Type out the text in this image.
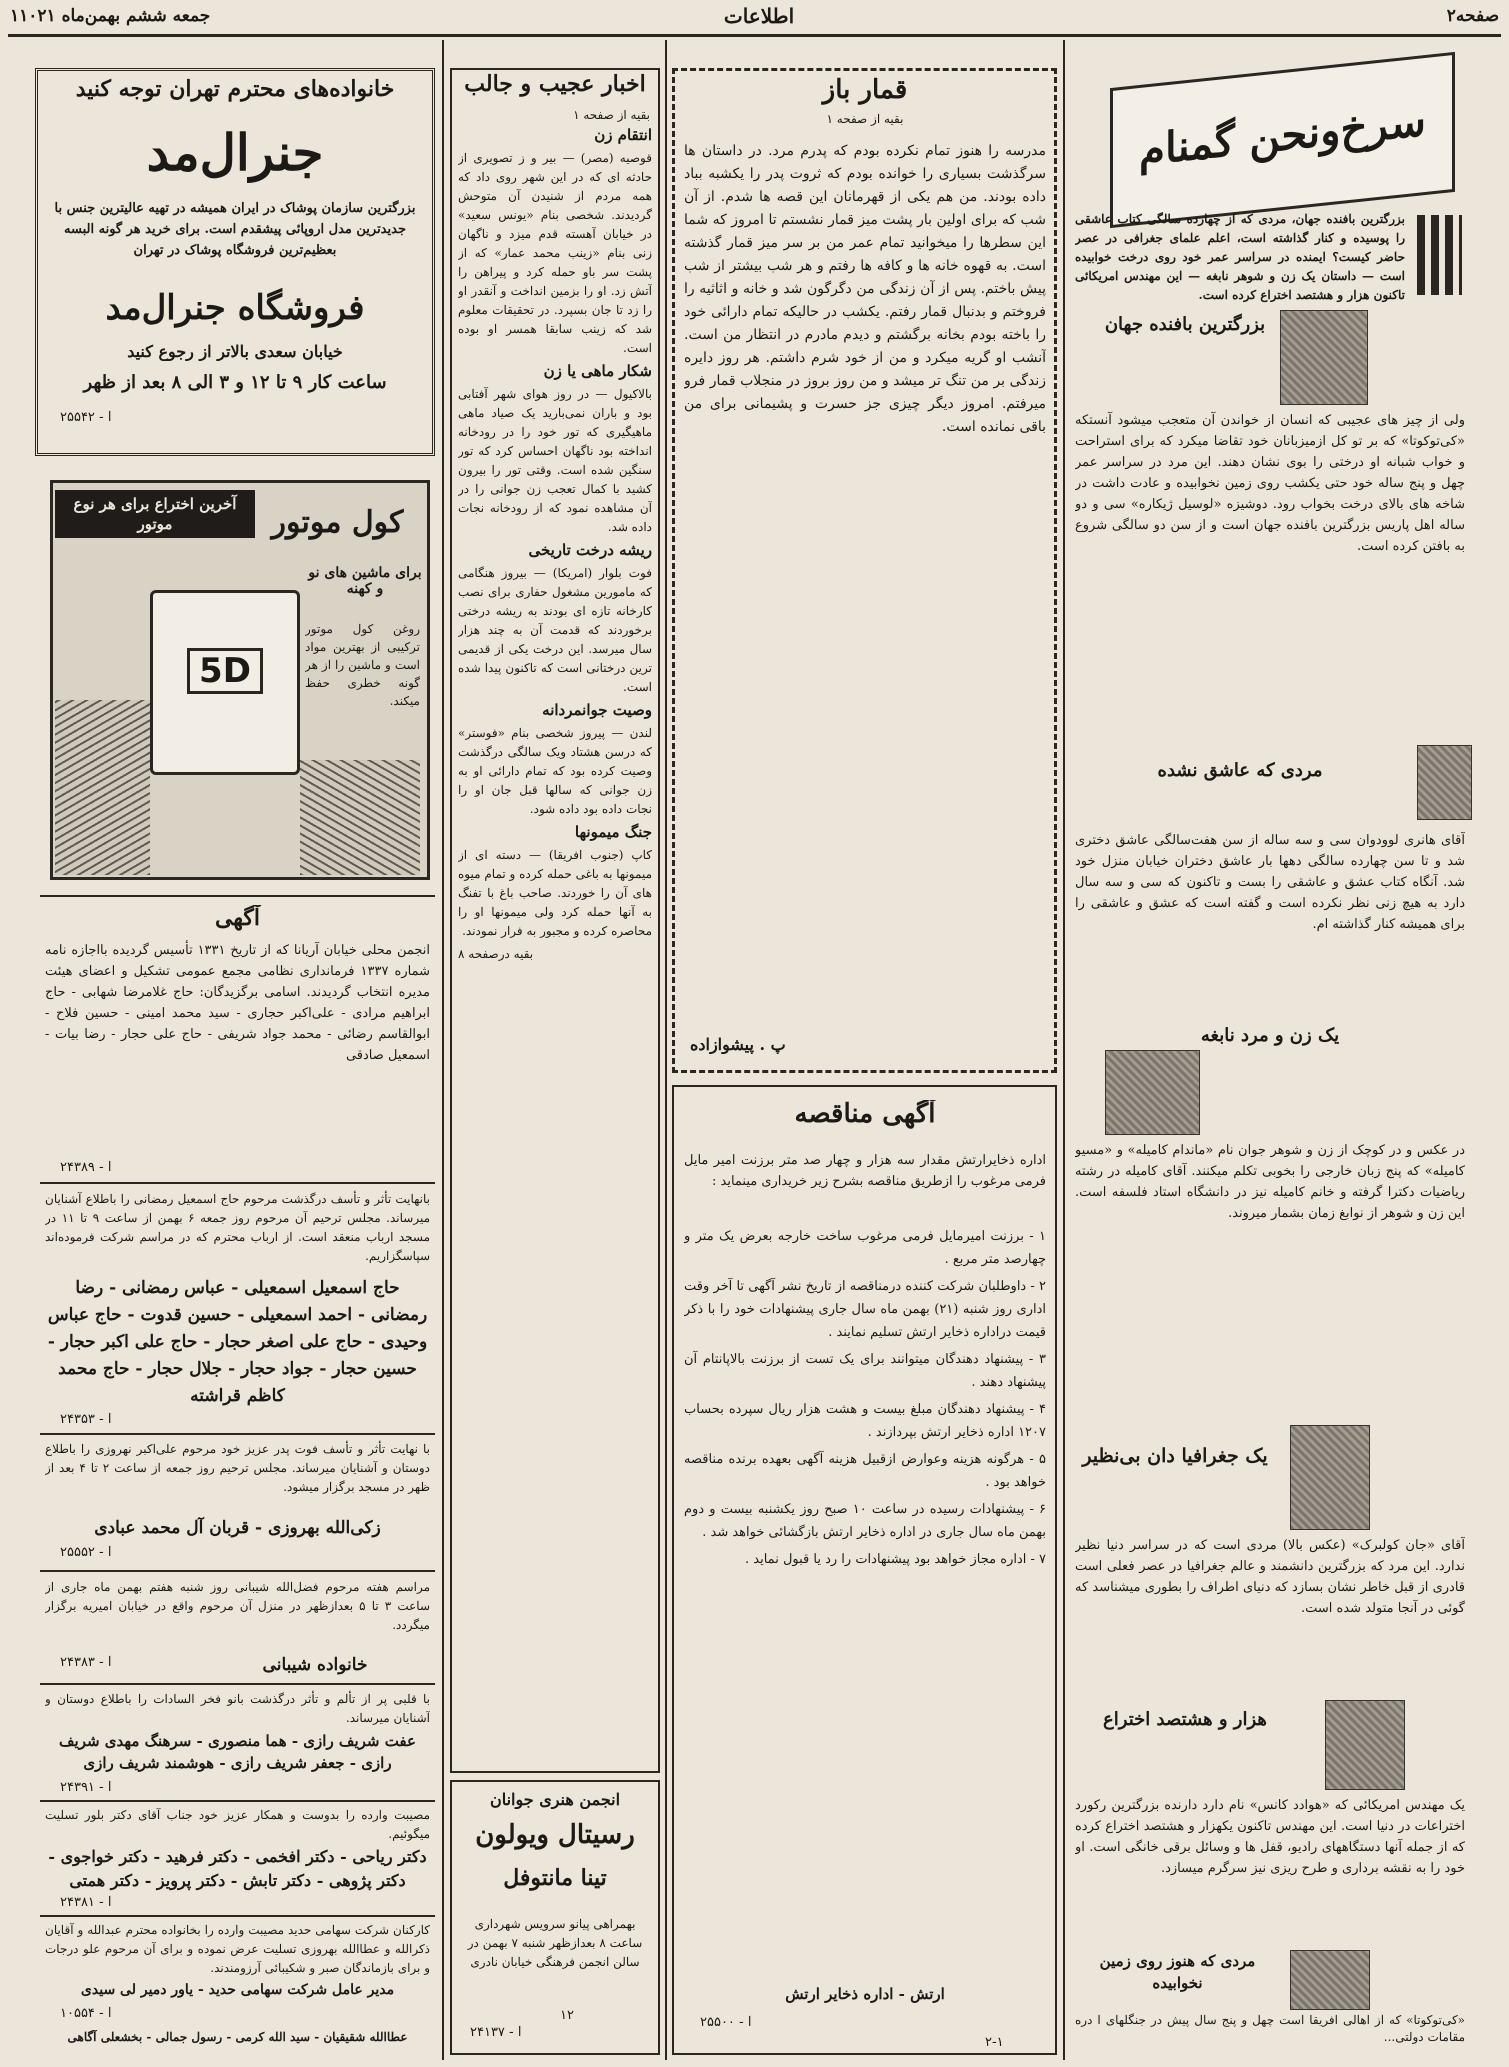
صفحه۲
اطلاعات
جمعه ششم بهمن‌ماه ۱۱۰۲۱
سرخ‌ونحن گمنام
بزرگترین بافنده جهان، مردی که از چهارده سالگی کتاب عاشقی را پوسیده و کنار گذاشته است، اعلم علمای جغرافی در عصر حاضر کیست؟ ایمنده در سراسر عمر خود روی درخت خوابیده است — داستان یک زن و شوهر نابغه — این مهندس امریکائی تاکنون هزار و هشتصد اختراع کرده است.
بزرگترین بافنده جهان
ولی از چیز های عجیبی که انسان از خواندن آن متعجب میشود آنستکه «کی‌تو‌کوتا» که بر تو کل ازمیزبانان خود تقاضا میکرد که برای استراحت و خواب شبانه او درختی را بوی نشان دهند. این مرد در سراسر عمر چهل و پنج ساله خود حتی یکشب روی زمین نخوابیده و عادت داشت در شاخه های بالای درخت بخواب رود. دوشیزه «لوسیل ژیکاره» سی و دو ساله اهل پاریس بزرگترین بافنده جهان است و از سن دو سالگی شروع به بافتن کرده است.
مردی که عاشق نشده
آقای هانری لوودوان سی و سه ساله از سن هفت‌سالگی عاشق دختری شد و تا سن چهارده سالگی دهها بار عاشق دختران خیابان منزل خود شد. آنگاه کتاب عشق و عاشقی را بست و تاکنون که سی و سه سال دارد به هیچ زنی نظر نکرده است و گفته است که عشق و عاشقی را برای همیشه کنار گذاشته ام.
یک زن و مرد نابغه
در عکس و در کوچک از زن و شوهر جوان نام «ماندام کامیله» و «مسیو کامیله» که پنج زبان خارجی را بخوبی تکلم میکنند. آقای کامیله در رشته ریاضیات دکترا گرفته و خانم کامیله نیز در دانشگاه استاد فلسفه است. این زن و شوهر از نوابغ زمان بشمار میروند.
یک جغرافیا دان بی‌نظیر
آقای «جان کولبرک» (عکس بالا) مردی است که در سراسر دنیا نظیر ندارد. این مرد که بزرگترین دانشمند و عالم جغرافیا در عصر فعلی است قادری از قبل خاطر نشان بسازد که دنیای اطراف را بطوری میشناسد که گوئی در آنجا متولد شده است.
هزار و هشتصد اختراع
یک مهندس امریکائی که «هوادد کانس» نام دارد دارنده بزرگترین رکورد اختراعات در دنیا است. این مهندس تاکنون یکهزار و هشتصد اختراع کرده که از جمله آنها دستگاههای رادیو، قفل ها و وسائل برقی خانگی است. او خود را به نقشه برداری و طرح ریزی نیز سرگرم میسازد.
مردی که هنوز روی زمین نخوابیده
«کی‌تو‌کوتا» که از اهالی افریقا است چهل و پنج سال پیش در جنگلهای ا دره مقامات دولتی...
قمار باز
بقیه از صفحه ۱
مدرسه را هنوز تمام نکرده بودم که پدرم مرد. در داستان ها سرگذشت بسیاری را خوانده بودم که ثروت پدر را یکشبه بباد داده بودند. من هم یکی از قهرمانان این قصه ها شدم. از آن شب که برای اولین بار پشت میز قمار نشستم تا امروز که شما این سطرها را میخوانید تمام عمر من بر سر میز قمار گذشته است. به قهوه خانه ها و کافه ها رفتم و هر شب بیشتر از شب پیش باختم. پس از آن زندگی من دگرگون شد و خانه و اثاثیه را فروختم و بدنبال قمار رفتم. یکشب در حالیکه تمام دارائی خود را باخته بودم بخانه برگشتم و دیدم مادرم در انتظار من است. آنشب او گریه میکرد و من از خود شرم داشتم. هر روز دایره زندگی بر من تنگ تر میشد و من روز بروز در منجلاب قمار فرو میرفتم. امروز دیگر چیزی جز حسرت و پشیمانی برای من باقی نمانده است.
پ . پیشوازاده
آگهی مناقصه
اداره ذخایرارتش مقدار سه هزار و چهار صد متر برزنت امیر مایل فرمی مرغوب را ازطریق مناقصه بشرح زیر خریداری مینماید :

۱ - برزنت امیرمایل فرمی مرغوب ساخت خارجه بعرض یک متر و چهارصد متر مربع .

۲ - داوطلبان شرکت کننده درمناقصه از تاریخ نشر آگهی تا آخر وقت اداری روز شنبه (۲۱) بهمن ماه سال جاری پیشنهادات خود را با ذکر قیمت دراداره ذخایر ارتش تسلیم نمایند .

۳ - پیشنهاد دهندگان میتوانند برای یک تست از برزنت بالاپانتام آن پیشنهاد دهند .

۴ - پیشنهاد دهندگان مبلغ بیست و هشت هزار ریال سپرده بحساب ۱۲۰۷ اداره ذخایر ارتش بپردازند .

۵ - هرگونه هزینه وعوارض ازقبیل هزینه آگهی بعهده برنده مناقصه خواهد بود .

۶ - پیشنهادات رسیده در ساعت ۱۰ صبح روز یکشنبه بیست و دوم بهمن ماه سال جاری در اداره ذخایر ارتش بازگشائی خواهد شد .

۷ - اداره مجاز خواهد بود پیشنهادات را رد یا قبول نماید .

ارتش - اداره ذخایر ارتش
آ - ۲۵۵۰۰
۲-۱
اخبار عجیب و جالب
بقیه از صفحه ۱

انتقام زن

قوصیه (مصر) — بیر و ز تصویری از حادثه ای که در این شهر روی داد که همه مردم از شنیدن آن متوحش گردیدند. شخصی بنام «یونس سعید» در خیابان آهسته قدم میزد و ناگهان زنی بنام «زینب محمد عمار» که از پشت سر باو حمله کرد و پیراهن را آتش زد. او را بزمین انداخت و آنقدر او را زد تا جان بسپرد. در تحقیقات معلوم شد که زینب سابقا همسر او بوده است.

شکار ماهی یا زن

بالاکیول — در روز هوای شهر آفتابی بود و باران نمی‌بارید یک صیاد ماهی ماهیگیری که تور خود را در رودخانه انداخته بود ناگهان احساس کرد که تور سنگین شده است. وقتی تور را بیرون کشید با کمال تعجب زن جوانی را در آن مشاهده نمود که از رودخانه نجات داده شد.

ریشه درخت تاریخی

فوت بلوار (امریکا) — بیروز هنگامی که مامورین مشغول حفاری برای نصب کارخانه تازه ای بودند به ریشه درختی برخوردند که قدمت آن به چند هزار سال میرسد. این درخت یکی از قدیمی ترین درختانی است که تاکنون پیدا شده است.

وصیت جوانمردانه

لندن — پیروز شخصی بنام «فوستر» که درسن هشتاد ویک سالگی درگذشت وصیت کرده بود که تمام دارائی او به زن جوانی که سالها قبل جان او را نجات داده بود داده شود.

جنگ میمونها

کاپ (جنوب افریقا) — دسته ای از میمونها به باغی حمله کرده و تمام میوه های آن را خوردند. صاحب باغ با تفنگ به آنها حمله کرد ولی میمونها او را محاصره کرده و مجبور به فرار نمودند.

بقیه درصفحه ۸

انجمن هنری جوانان
رسیتال ویولون
تینا مانتوفل
بهمراهی پیانو سرویس شهرداری ساعت ۸ بعدازظهر شنبه ۷ بهمن در سالن انجمن فرهنگی خیابان نادری
آ - ۲۴۱۳۷
۱۲
خانواده‌های محترم تهران توجه کنید
جنرال‌مد
بزرگترین سازمان پوشاک در ایران همیشه در تهیه عالیترین جنس با جدیدترین مدل اروپائی پیشقدم است. برای خرید هر گونه البسه بعظیم‌ترین فروشگاه پوشاک در تهران
فروشگاه جنرال‌مد
خیابان سعدی بالاتر از رجوع کنید
ساعت کار ۹ تا ۱۲ و ۳ الی ۸ بعد از ظهر
آ - ۲۵۵۴۲
آخرین اختراع برای هر نوع موتور	کول موتور
5D
برای ماشین های نو و کهنه
روغن کول موتور ترکیبی از بهترین مواد است و ماشین را از هر گونه خطری حفظ میکند.
آگهی
انجمن محلی خیابان آریانا که از تاریخ ۱۳۳۱ تأسیس گردیده بااجازه نامه شماره ۱۳۳۷ فرمانداری نظامی مجمع عمومی تشکیل و اعضای هیئت مدیره انتخاب گردیدند. اسامی برگزیدگان: حاج غلامرضا شهابی - حاج ابراهیم مرادی - علی‌اکبر حجاری - سید محمد امینی - حسین فلاح - ابوالقاسم رضائی - محمد جواد شریفی - حاج علی حجار - رضا بیات - اسمعیل صادقی
آ - ۲۴۳۸۹
بانهایت تأثر و تأسف درگذشت مرحوم حاج اسمعیل رمضانی را باطلاع آشنایان میرساند. مجلس ترحیم آن مرحوم روز جمعه ۶ بهمن از ساعت ۹ تا ۱۱ در مسجد ارباب منعقد است. از ارباب محترم که در مراسم شرکت فرموده‌اند سپاسگزاریم.
حاج اسمعیل اسمعیلی - عباس رمضانی - رضا رمضانی - احمد اسمعیلی - حسین قدوت - حاج عباس وحیدی - حاج علی اصغر حجار - حاج علی اکبر حجار - حسین حجار - جواد حجار - جلال حجار - حاج محمد کاظم قراشته
آ - ۲۴۳۵۳
با نهایت تأثر و تأسف فوت پدر عزیز خود مرحوم علی‌اکبر نهروزی را باطلاع دوستان و آشنایان میرساند. مجلس ترحیم روز جمعه از ساعت ۲ تا ۴ بعد از ظهر در مسجد برگزار میشود.
زکی‌الله بهروزی - قربان آل محمد عبادی
آ - ۲۵۵۵۲
مراسم هفته مرحوم فضل‌الله شیبانی روز شنبه هفتم بهمن ماه جاری از ساعت ۳ تا ۵ بعدازظهر در منزل آن مرحوم واقع در خیابان امیریه برگزار میگردد.
خانواده شیبانی
آ - ۲۴۳۸۳
با قلبی پر از تألم و تأثر درگذشت بانو فخر السادات را باطلاع دوستان و آشنایان میرساند.
عفت شریف رازی - هما منصوری - سرهنگ مهدی شریف رازی - جعفر شریف رازی - هوشمند شریف رازی
آ - ۲۴۳۹۱
مصیبت وارده را بدوست و همکار عزیز خود جناب آقای دکتر بلور تسلیت میگوئیم.
دکتر ریاحی - دکتر افخمی - دکتر فرهید - دکتر خواجوی - دکتر پژوهی - دکتر تابش - دکتر پرویز - دکتر همتی
آ - ۲۴۳۸۱
کارکنان شرکت سهامی حدید مصیبت وارده را بخانواده محترم عبدالله و آقایان ذکرالله و عطاالله بهروزی تسلیت عرض نموده و برای آن مرحوم علو درجات و برای بازماندگان صبر و شکیبائی آرزومندند.
مدیر عامل شرکت سهامی حدید - یاور دمیر لی سیدی
آ - ۱۰۵۵۴
عطاالله شقیقیان - سید الله کرمی - رسول جمالی - بخشعلی آگاهی
